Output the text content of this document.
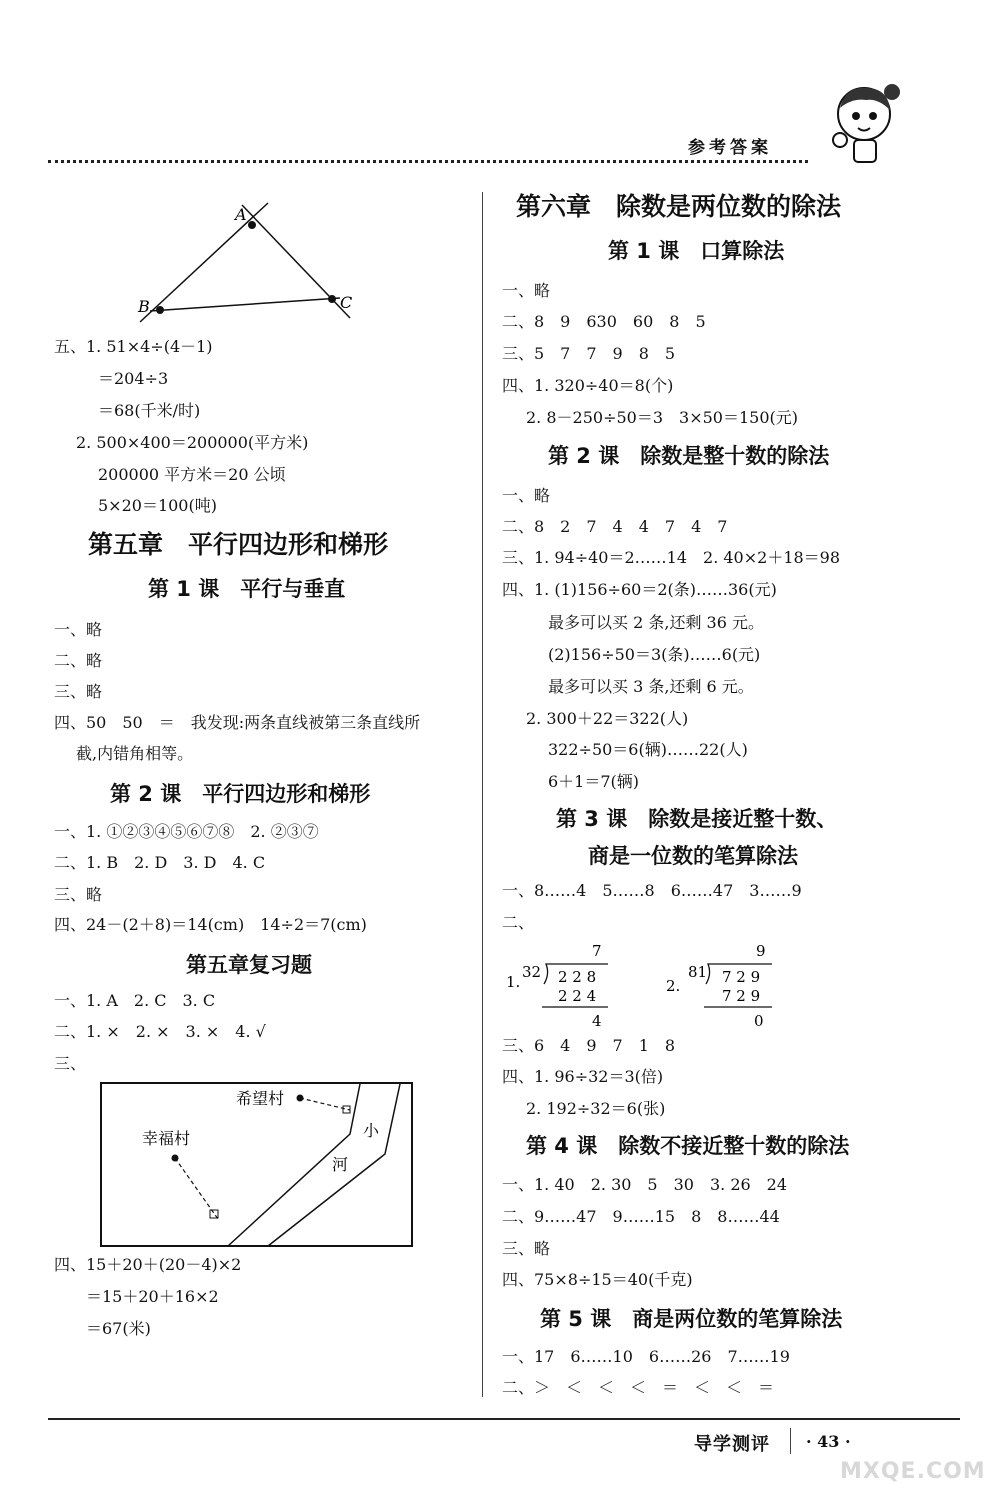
参考答案
A
B	C
五、1. 51×4÷(4－1)
＝204÷3
＝68(千米/时)
2. 500×400＝200000(平方米)
200000 平方米＝20 公顷
5×20＝100(吨)
第五章　平行四边形和梯形
第 1 课　平行与垂直
一、略
二、略
三、略
四、50　50　＝　我发现:两条直线被第三条直线所
截,内错角相等。
第 2 课　平行四边形和梯形
一、1. ①②③④⑤⑥⑦⑧　2. ②③⑦
二、1. B　2. D　3. D　4. C
三、略
四、24－(2＋8)＝14(cm)　14÷2＝7(cm)
第五章复习题
一、1. A　2. C　3. C
二、1. ×　2. ×　3. ×　4. √
三、
希望村
幸福村	小
河
四、15＋20＋(20－4)×2
＝15＋20＋16×2
＝67(米)
第六章　除数是两位数的除法
第 1 课　口算除法
一、略
二、8　9　630　60　8　5
三、5　7　7　9　8　5
四、1. 320÷40＝8(个)
2. 8－250÷50＝3　3×50＝150(元)
第 2 课　除数是整十数的除法
一、略
二、8　2　7　4　4　7　4　7
三、1. 94÷40＝2……14　2. 40×2＋18＝98
四、1. (1)156÷60＝2(条)……36(元)
最多可以买 2 条,还剩 36 元。
(2)156÷50＝3(条)……6(元)
最多可以买 3 条,还剩 6 元。
2. 300＋22＝322(人)
322÷50＝6(辆)……22(人)
6＋1＝7(辆)
第 3 课　除数是接近整十数、
商是一位数的笔算除法
一、8……4　5……8　6……47　3……9
二、
1.
32
7
2 2 8
2 2 4
4
2.
81
9
7 2 9
7 2 9
0
三、6　4　9　7　1　8
四、1. 96÷32＝3(倍)
2. 192÷32＝6(张)
第 4 课　除数不接近整十数的除法
一、1. 40　2. 30　5　30　3. 26　24
二、9……47　9……15　8　8……44
三、略
四、75×8÷15＝40(千克)
第 5 课　商是两位数的笔算除法
一、17　6……10　6……26　7……19
二、＞　＜　＜　＜　＝　＜　＜　＝
导学测评 · 43 ·
MXQE.COM
